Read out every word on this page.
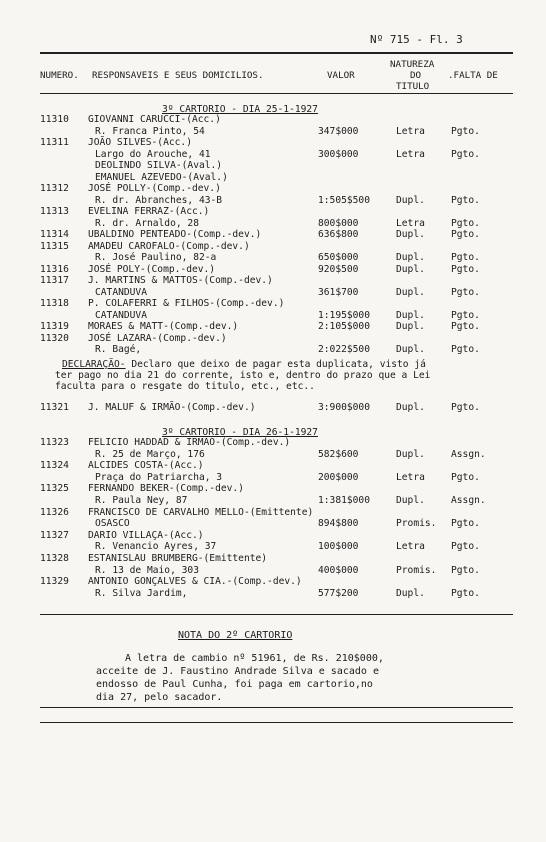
Nº 715 - Fl. 3
NUMERO. RESPONSAVEIS E SEUS DOMICILIOS.	VALOR
NATUREZA
DO
TITULO
.FALTA DE
3º CARTORIO - DIA 25-1-1927
11310 GIOVANNI CARUCCI-(Acc.)
R. Franca Pinto, 54	347$000	Letra	Pgto.
11311 JOÃO SILVES-(Acc.)
Largo do Arouche, 41	300$000	Letra	Pgto.
DEOLINDO SILVA-(Aval.)
EMANUEL AZEVEDO-(Aval.)
11312 JOSÉ POLLY-(Comp.-dev.)
R. dr. Abranches, 43-B	1:505$500	Dupl.	Pgto.
11313 EVELINA FERRAZ-(Acc.)
R. dr. Arnaldo, 28	800$000	Letra	Pgto.
11314 UBALDINO PENTEADO-(Comp.-dev.)	636$800	Dupl.	Pgto.
11315 AMADEU CAROFALO-(Comp.-dev.)
R. José Paulino, 82-a	650$000	Dupl.	Pgto.
11316 JOSÉ POLY-(Comp.-dev.)	920$500	Dupl.	Pgto.
11317 J. MARTINS & MATTOS-(Comp.-dev.)
CATANDUVA	361$700	Dupl.	Pgto.
11318 P. COLAFERRI & FILHOS-(Comp.-dev.)
CATANDUVA	1:195$000	Dupl.	Pgto.
11319 MORAES & MATT-(Comp.-dev.)	2:105$000	Dupl.	Pgto.
11320 JOSÉ LAZARA-(Comp.-dev.)
R. Bagé,	2:022$500	Dupl.	Pgto.
DECLARAÇÃO- Declaro que deixo de pagar esta duplicata, visto já
ter pago no dia 21 do corrente, isto e, dentro do prazo que a Lei
faculta para o resgate do titulo, etc., etc..
11321 J. MALUF & IRMÃO-(Comp.-dev.)	3:900$000	Dupl.	Pgto.
3º CARTORIO - DIA 26-1-1927
11323 FELICIO HADDAD & IRMÃO-(Comp.-dev.)
R. 25 de Março, 176	582$600	Dupl.	Assgn.
11324 ALCIDES COSTA-(Acc.)
Praça do Patriarcha, 3	200$000	Letra	Pgto.
11325 FERNANDO BEKER-(Comp.-dev.)
R. Paula Ney, 87	1:381$000	Dupl.	Assgn.
11326 FRANCISCO DE CARVALHO MELLO-(Emittente)
OSASCO	894$800	Promis. Pgto.
11327 DARIO VILLAÇA-(Acc.)
R. Venancio Ayres, 37	100$000	Letra	Pgto.
11328 ESTANISLAU BRUMBERG-(Emittente)
R. 13 de Maio, 303	400$000	Promis. Pgto.
11329 ANTONIO GONÇALVES & CIA.-(Comp.-dev.)
R. Silva Jardim,	577$200	Dupl.	Pgto.
NOTA DO 2º CARTORIO
A letra de cambio nº 51961, de Rs. 210$000,
acceite de J. Faustino Andrade Silva e sacado e
endosso de Paul Cunha, foi paga em cartorio,no
dia 27, pelo sacador.
